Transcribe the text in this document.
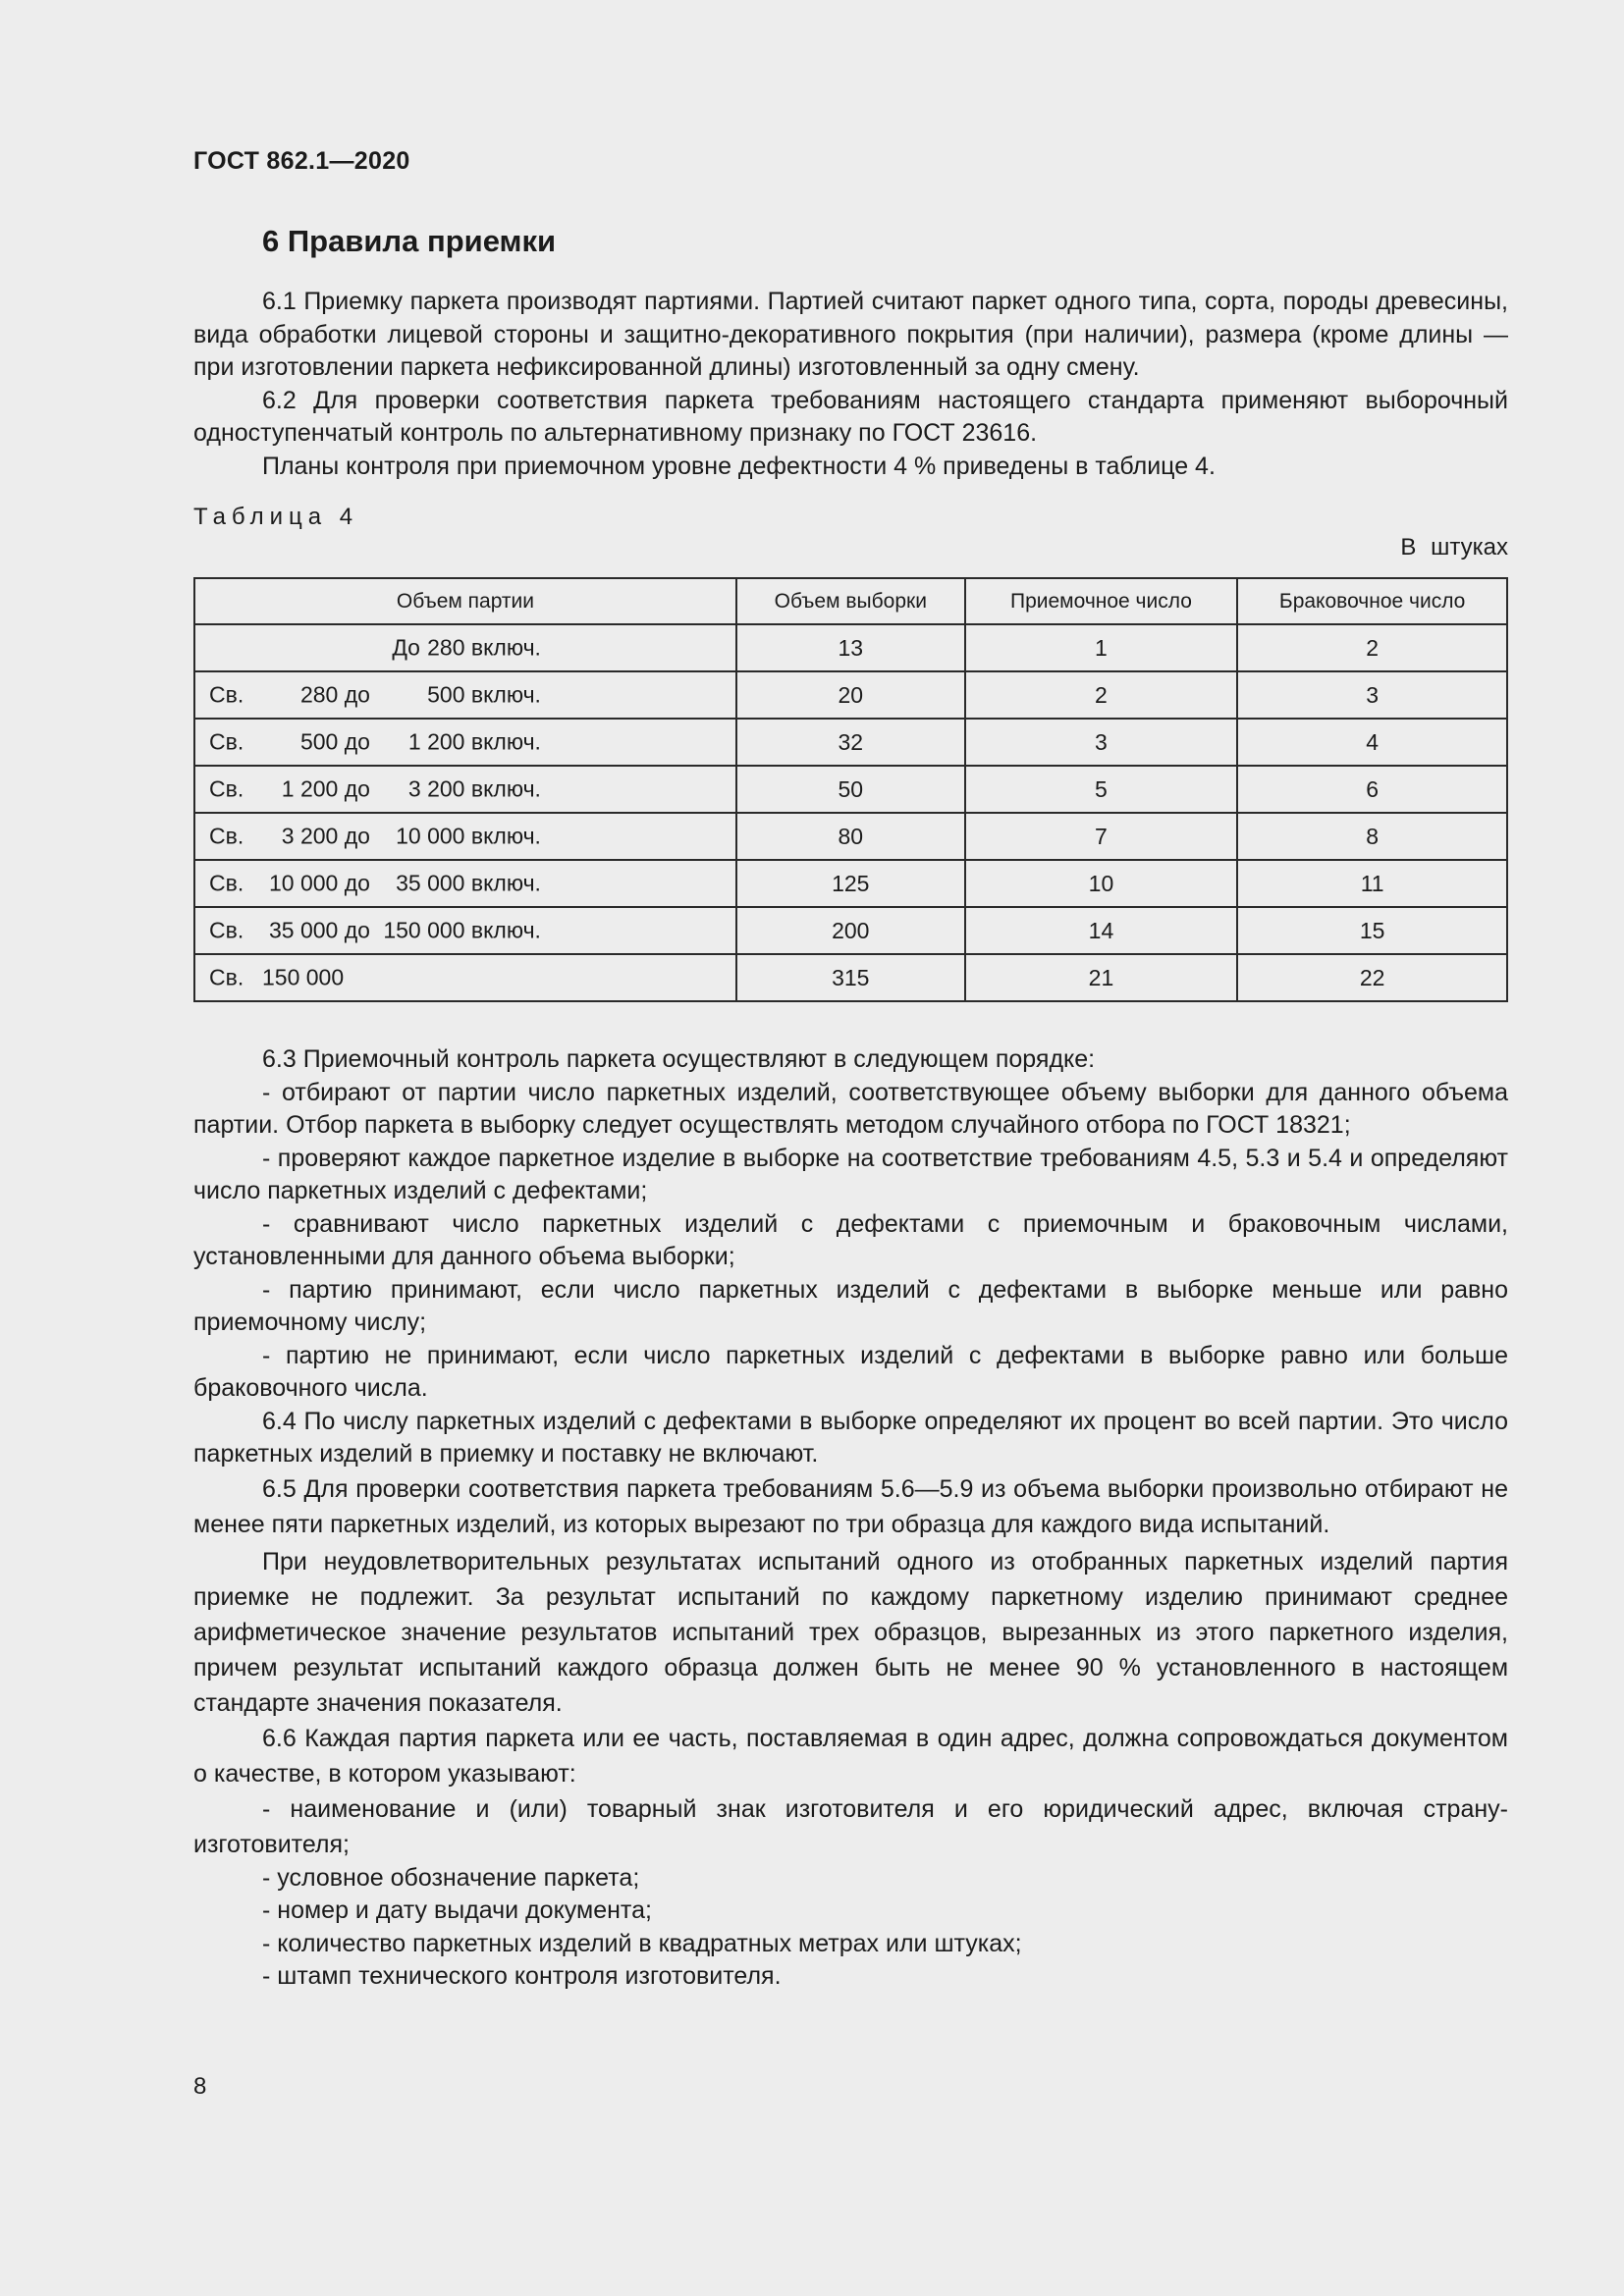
ГОСТ 862.1—2020
6 Правила приемки

6.1 Приемку паркета производят партиями. Партией считают паркет одного типа, сорта, породы древесины, вида обработки лицевой стороны и защитно-декоративного покрытия (при наличии), размера (кроме длины — при изготовлении паркета нефиксированной длины) изготовленный за одну смену.

6.2 Для проверки соответствия паркета требованиям настоящего стандарта применяют выборочный одноступенчатый контроль по альтернативному признаку по ГОСТ 23616.

Планы контроля при приемочном уровне дефектности 4 % приведены в таблице 4.

Таблица 4
В штуках
Объем партии	Объем выборки	Приемочное число	Браковочное число

До 280 включ.	13	1	2

Св. 280 до 500 включ.	20	2	3

Св. 500 до 1 200 включ.	32	3	4

Св. 1 200 до 3 200 включ.	50	5	6

Св. 3 200 до 10 000 включ.	80	7	8

Св. 10 000 до 35 000 включ.	125	10	11

Св. 35 000 до 150 000 включ.	200	14	15

Св. 150 000	315	21	22

6.3 Приемочный контроль паркета осуществляют в следующем порядке:

- отбирают от партии число паркетных изделий, соответствующее объему выборки для данного объема партии. Отбор паркета в выборку следует осуществлять методом случайного отбора по ГОСТ 18321;

- проверяют каждое паркетное изделие в выборке на соответствие требованиям 4.5, 5.3 и 5.4 и определяют число паркетных изделий с дефектами;

- сравнивают число паркетных изделий с дефектами с приемочным и браковочным числами, установленными для данного объема выборки;

- партию принимают, если число паркетных изделий с дефектами в выборке меньше или равно приемочному числу;

- партию не принимают, если число паркетных изделий с дефектами в выборке равно или больше браковочного числа.

6.4 По числу паркетных изделий с дефектами в выборке определяют их процент во всей партии. Это число паркетных изделий в приемку и поставку не включают.

6.5 Для проверки соответствия паркета требованиям 5.6—5.9 из объема выборки произвольно отбирают не менее пяти паркетных изделий, из которых вырезают по три образца для каждого вида испытаний.

При неудовлетворительных результатах испытаний одного из отобранных паркетных изделий партия приемке не подлежит. За результат испытаний по каждому паркетному изделию принимают среднее арифметическое значение результатов испытаний трех образцов, вырезанных из этого паркетного изделия, причем результат испытаний каждого образца должен быть не менее 90 % установленного в настоящем стандарте значения показателя.

6.6 Каждая партия паркета или ее часть, поставляемая в один адрес, должна сопровождаться документом о качестве, в котором указывают:

- наименование и (или) товарный знак изготовителя и его юридический адрес, включая страну-изготовителя;

- условное обозначение паркета;

- номер и дату выдачи документа;

- количество паркетных изделий в квадратных метрах или штуках;

- штамп технического контроля изготовителя.

8
